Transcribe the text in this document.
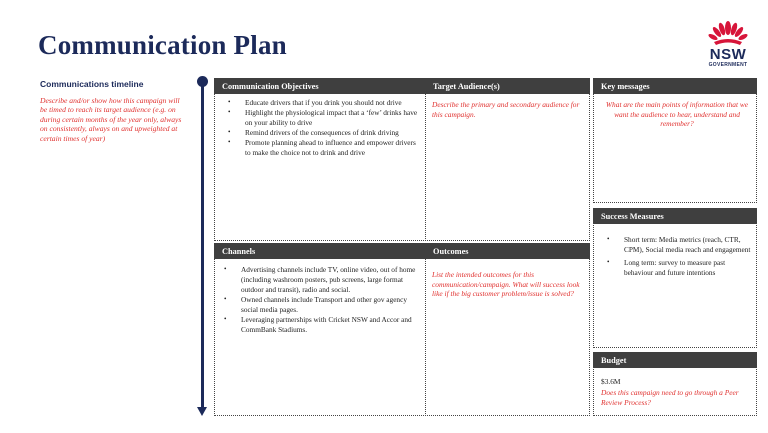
Communication Plan	NSW
GOVERNMENT
Communications timeline
Describe and/or show how this campaign will be timed to reach its target audience (e.g. on during certain months of the year only, always on consistently, always on and upweighted at certain times of year)
Communication Objectives
• Educate drivers that if you drink you should not drive
• Highlight the physiological impact that a ‘few’ drinks have on your ability to drive
• Remind drivers of the consequences of drink driving
• Promote planning ahead to influence and empower drivers to make the choice not to drink and drive
Target Audience(s)
Describe the primary and secondary audience for this campaign.
Key messages
What are the main points of information that we want the audience to hear, understand and remember?
Success Measures
• Short term: Media metrics (reach, CTR, CPM), Social media reach and engagement
• Long term: survey to measure past behaviour and future intentions
Channels
• Advertising channels include TV, online video, out of home (including washroom posters, pub screens, large format outdoor and transit), radio and social.
• Owned channels include Transport and other gov agency social media pages.
• Leveraging partnerships with Cricket NSW and Accor and CommBank Stadiums.
Outcomes
List the intended outcomes for this communication/campaign. What will success look like if the big customer problem/issue is solved?
Budget
$3.6M
Does this campaign need to go through a Peer Review Process?
